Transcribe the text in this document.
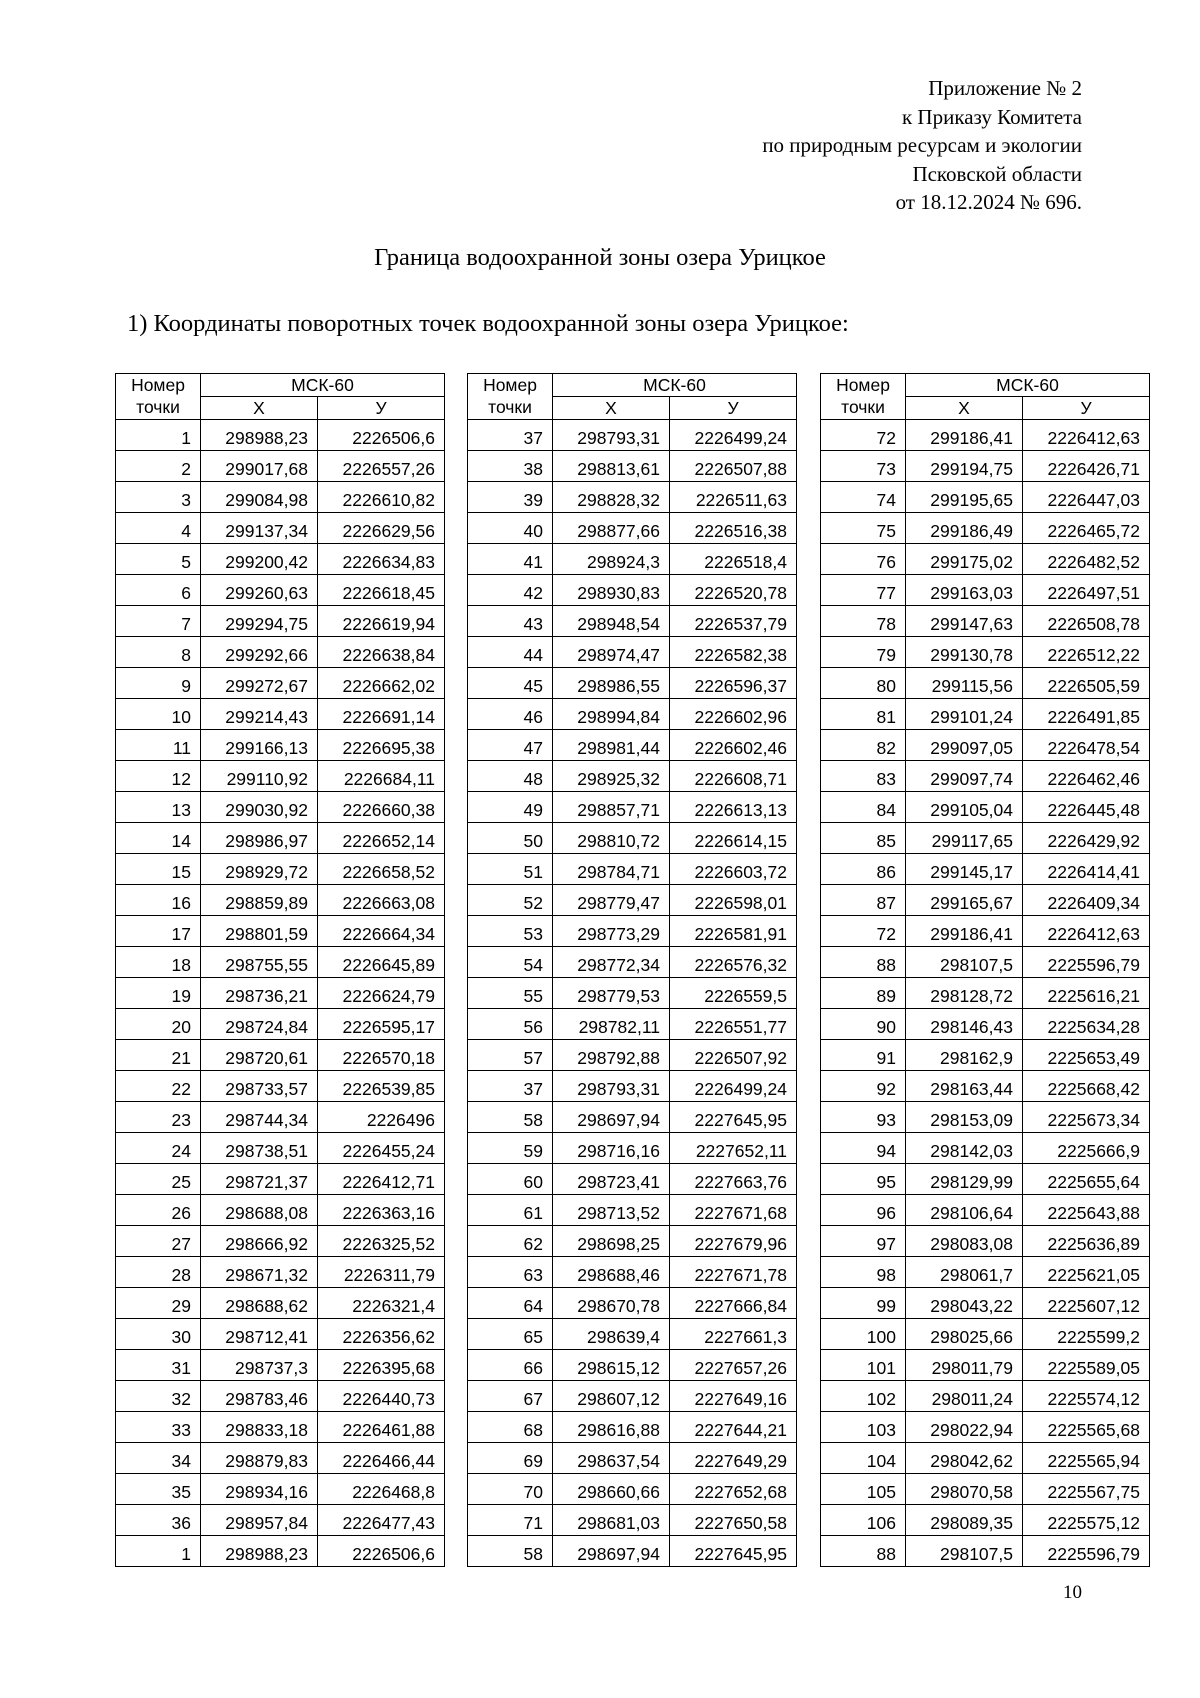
Приложение № 2
к Приказу Комитета
по природным ресурсам и экологии
Псковской области
от 18.12.2024 № 696.
Граница водоохранной зоны озера Урицкое
1) Координаты поворотных точек водоохранной зоны озера Урицкое:
Номер точки	МСК-60	
	Х	У
1	298988,23	2226506,6
2	299017,68	2226557,26
3	299084,98	2226610,82
4	299137,34	2226629,56
5	299200,42	2226634,83
6	299260,63	2226618,45
7	299294,75	2226619,94
8	299292,66	2226638,84
9	299272,67	2226662,02
10	299214,43	2226691,14
11	299166,13	2226695,38
12	299110,92	2226684,11
13	299030,92	2226660,38
14	298986,97	2226652,14
15	298929,72	2226658,52
16	298859,89	2226663,08
17	298801,59	2226664,34
18	298755,55	2226645,89
19	298736,21	2226624,79
20	298724,84	2226595,17
21	298720,61	2226570,18
22	298733,57	2226539,85
23	298744,34	2226496
24	298738,51	2226455,24
25	298721,37	2226412,71
26	298688,08	2226363,16
27	298666,92	2226325,52
28	298671,32	2226311,79
29	298688,62	2226321,4
30	298712,41	2226356,62
31	298737,3	2226395,68
32	298783,46	2226440,73
33	298833,18	2226461,88
34	298879,83	2226466,44
35	298934,16	2226468,8
36	298957,84	2226477,43
1	298988,23	2226506,6
Номер точки	МСК-60	
	Х	У
37	298793,31	2226499,24
38	298813,61	2226507,88
39	298828,32	2226511,63
40	298877,66	2226516,38
41	298924,3	2226518,4
42	298930,83	2226520,78
43	298948,54	2226537,79
44	298974,47	2226582,38
45	298986,55	2226596,37
46	298994,84	2226602,96
47	298981,44	2226602,46
48	298925,32	2226608,71
49	298857,71	2226613,13
50	298810,72	2226614,15
51	298784,71	2226603,72
52	298779,47	2226598,01
53	298773,29	2226581,91
54	298772,34	2226576,32
55	298779,53	2226559,5
56	298782,11	2226551,77
57	298792,88	2226507,92
37	298793,31	2226499,24
58	298697,94	2227645,95
59	298716,16	2227652,11
60	298723,41	2227663,76
61	298713,52	2227671,68
62	298698,25	2227679,96
63	298688,46	2227671,78
64	298670,78	2227666,84
65	298639,4	2227661,3
66	298615,12	2227657,26
67	298607,12	2227649,16
68	298616,88	2227644,21
69	298637,54	2227649,29
70	298660,66	2227652,68
71	298681,03	2227650,58
58	298697,94	2227645,95
Номер точки	МСК-60	
	Х	У
72	299186,41	2226412,63
73	299194,75	2226426,71
74	299195,65	2226447,03
75	299186,49	2226465,72
76	299175,02	2226482,52
77	299163,03	2226497,51
78	299147,63	2226508,78
79	299130,78	2226512,22
80	299115,56	2226505,59
81	299101,24	2226491,85
82	299097,05	2226478,54
83	299097,74	2226462,46
84	299105,04	2226445,48
85	299117,65	2226429,92
86	299145,17	2226414,41
87	299165,67	2226409,34
72	299186,41	2226412,63
88	298107,5	2225596,79
89	298128,72	2225616,21
90	298146,43	2225634,28
91	298162,9	2225653,49
92	298163,44	2225668,42
93	298153,09	2225673,34
94	298142,03	2225666,9
95	298129,99	2225655,64
96	298106,64	2225643,88
97	298083,08	2225636,89
98	298061,7	2225621,05
99	298043,22	2225607,12
100	298025,66	2225599,2
101	298011,79	2225589,05
102	298011,24	2225574,12
103	298022,94	2225565,68
104	298042,62	2225565,94
105	298070,58	2225567,75
106	298089,35	2225575,12
88	298107,5	2225596,79
10
